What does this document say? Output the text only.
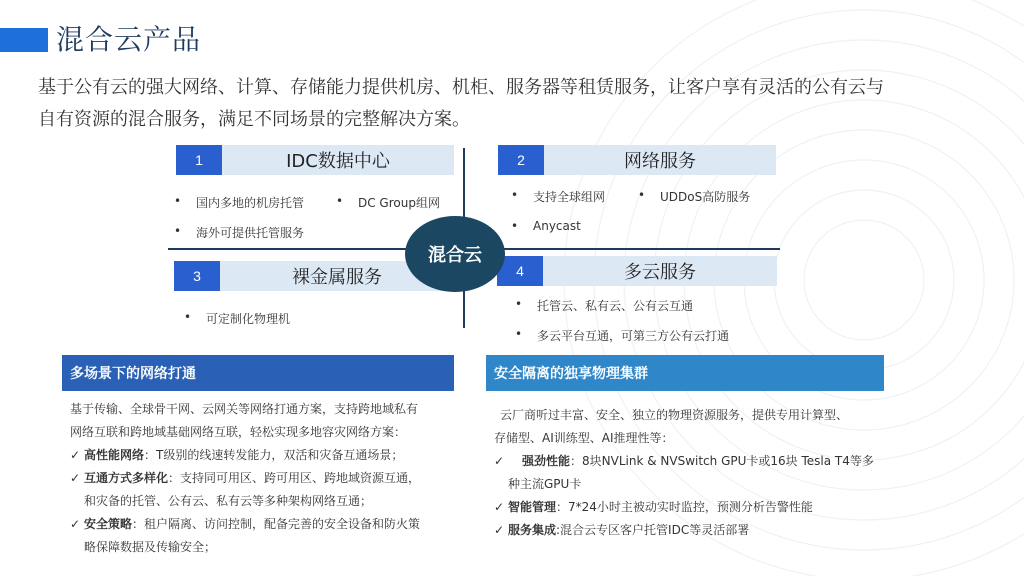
混合云产品
基于公有云的强大网络、计算、存储能力提供机房、机柜、服务器等租赁服务，让客户享有灵活的公有云与
自有资源的混合服务，满足不同场景的完整解决方案。
1	IDC数据中心
• 国内多地的机房托管	• DC Group组网
• 海外可提供托管服务
2	网络服务
• 支持全球组网	• UDDoS高防服务
• Anycast
3	裸金属服务
• 可定制化物理机
4	多云服务
• 托管云、私有云、公有云互通
• 多云平台互通，可第三方公有云打通
混合云
多场景下的网络打通
基于传输、全球骨干网、云网关等网络打通方案，支持跨地域私有
网络互联和跨地域基础网络互联，轻松实现多地容灾网络方案：
✓ 高性能网络：T级别的线速转发能力，双活和灾备互通场景；
✓ 互通方式多样化：支持同可用区、跨可用区、跨地域资源互通，
和灾备的托管、公有云、私有云等多种架构网络互通；
✓ 安全策略：租户隔离、访问控制，配备完善的安全设备和防火策
略保障数据及传输安全；
安全隔离的独享物理集群
云厂商听过丰富、安全、独立的物理资源服务，提供专用计算型、
存储型、AI训练型、AI推理性等：
✓ 强劲性能：8块NVLink & NVSwitch GPU卡或16块 Tesla T4等多
种主流GPU卡
✓ 智能管理：7*24小时主被动实时监控，预测分析告警性能
✓ 服务集成:混合云专区客户托管IDC等灵活部署
